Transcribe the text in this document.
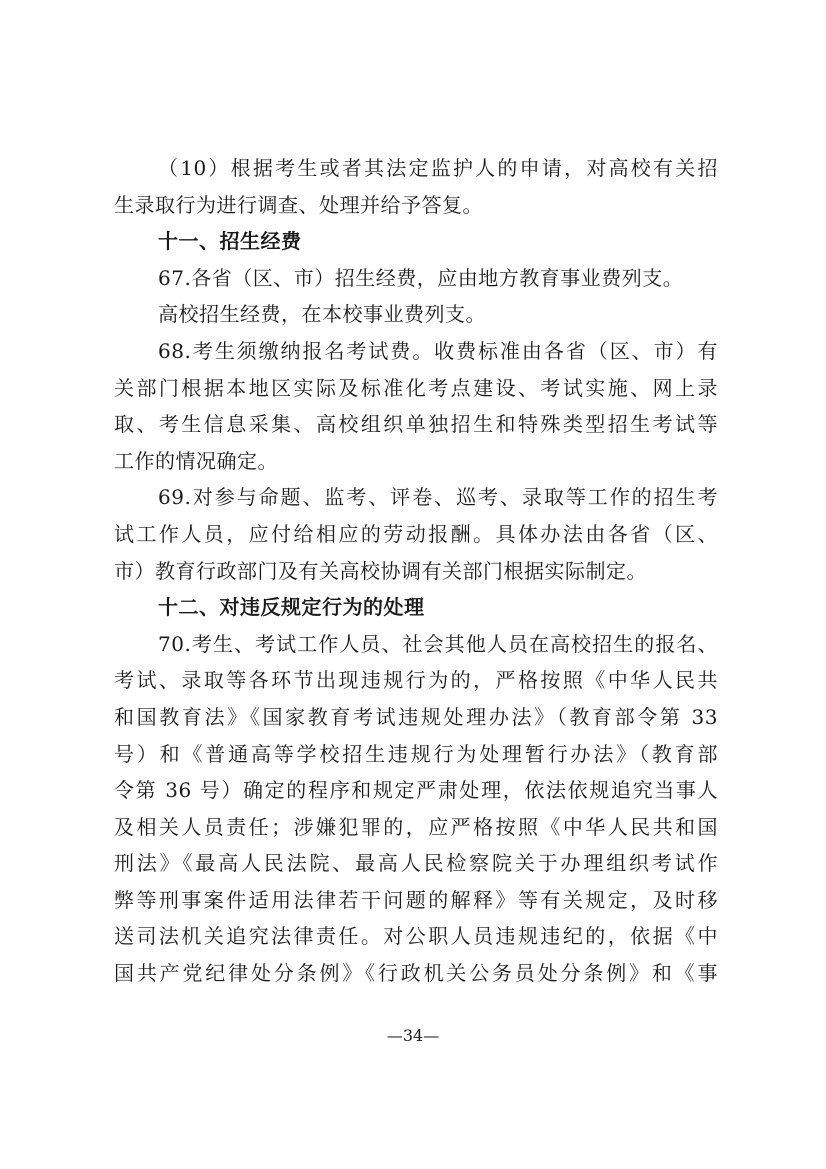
（10）根据考生或者其法定监护人的申请，对高校有关招
生录取行为进行调查、处理并给予答复。
十一、招生经费
67.各省（区、市）招生经费，应由地方教育事业费列支。
高校招生经费，在本校事业费列支。
68.考生须缴纳报名考试费。收费标准由各省（区、市）有
关部门根据本地区实际及标准化考点建设、考试实施、网上录
取、考生信息采集、高校组织单独招生和特殊类型招生考试等
工作的情况确定。
69.对参与命题、监考、评卷、巡考、录取等工作的招生考
试工作人员，应付给相应的劳动报酬。具体办法由各省（区、
市）教育行政部门及有关高校协调有关部门根据实际制定。
十二、对违反规定行为的处理
70.考生、考试工作人员、社会其他人员在高校招生的报名、
考试、录取等各环节出现违规行为的，严格按照《中华人民共
和国教育法》《国家教育考试违规处理办法》（教育部令第 33
号）和《普通高等学校招生违规行为处理暂行办法》（教育部
令第 36 号）确定的程序和规定严肃处理，依法依规追究当事人
及相关人员责任；涉嫌犯罪的，应严格按照《中华人民共和国
刑法》《最高人民法院、最高人民检察院关于办理组织考试作
弊等刑事案件适用法律若干问题的解释》等有关规定，及时移
送司法机关追究法律责任。对公职人员违规违纪的，依据《中
国共产党纪律处分条例》《行政机关公务员处分条例》和《事
—34—
